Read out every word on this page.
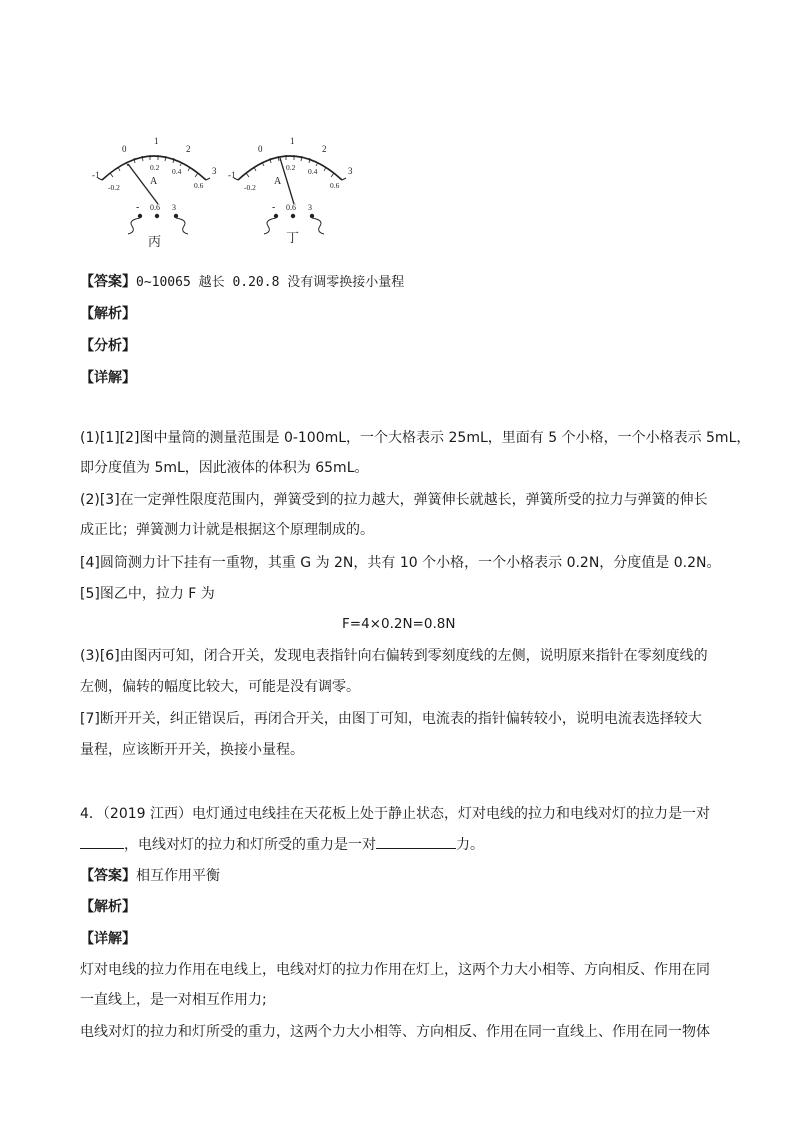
-1
0
1
2
3
-0.2
0.2 0.4
0.6
A
- 0.6 3
丙
-1
0
1
2
3
-0.2
0.2 0.4
0.6
A
- 0.6 3
丁
【答案】0~10065 越长 0.20.8 没有调零换接小量程
【解析】
【分析】
【详解】
(1)[1][2]图中量筒的测量范围是 0-100mL，一个大格表示 25mL，里面有 5 个小格，一个小格表示 5mL，
即分度值为 5mL，因此液体的体积为 65mL。
(2)[3]在一定弹性限度范围内，弹簧受到的拉力越大，弹簧伸长就越长，弹簧所受的拉力与弹簧的伸长
成正比；弹簧测力计就是根据这个原理制成的。
[4]圆筒测力计下挂有一重物，其重 G 为 2N，共有 10 个小格，一个小格表示 0.2N，分度值是 0.2N。
[5]图乙中，拉力 F 为
F=4×0.2N=0.8N
(3)[6]由图丙可知，闭合开关，发现电表指针向右偏转到零刻度线的左侧，说明原来指针在零刻度线的
左侧，偏转的幅度比较大，可能是没有调零。
[7]断开开关，纠正错误后，再闭合开关，由图丁可知，电流表的指针偏转较小，说明电流表选择较大
量程，应该断开开关，换接小量程。
4．（2019 江西）电灯通过电线挂在天花板上处于静止状态，灯对电线的拉力和电线对灯的拉力是一对
，电线对灯的拉力和灯所受的重力是一对	力。
【答案】相互作用平衡
【解析】
【详解】
灯对电线的拉力作用在电线上，电线对灯的拉力作用在灯上，这两个力大小相等、方向相反、作用在同
一直线上，是一对相互作用力;
电线对灯的拉力和灯所受的重力，这两个力大小相等、方向相反、作用在同一直线上、作用在同一物体
